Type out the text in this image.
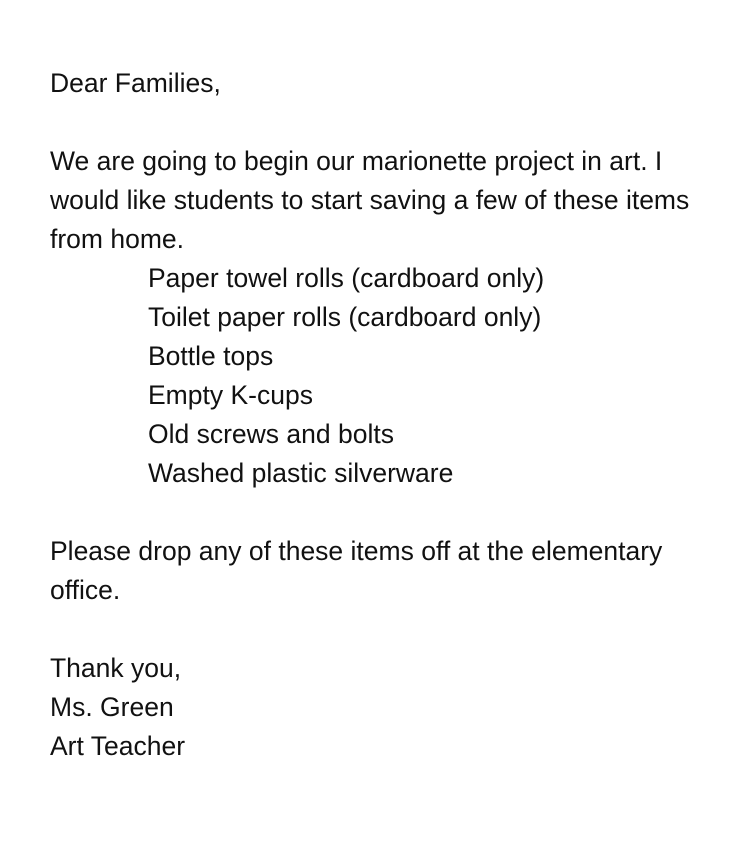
Dear Families,

We are going to begin our marionette project in art. I would like students to start saving a few of these items from home.

Paper towel rolls (cardboard only)
Toilet paper rolls (cardboard only)
Bottle tops
Empty K-cups
Old screws and bolts
Washed plastic silverware

Please drop any of these items off at the elementary office.

Thank you,

Ms. Green

Art Teacher
